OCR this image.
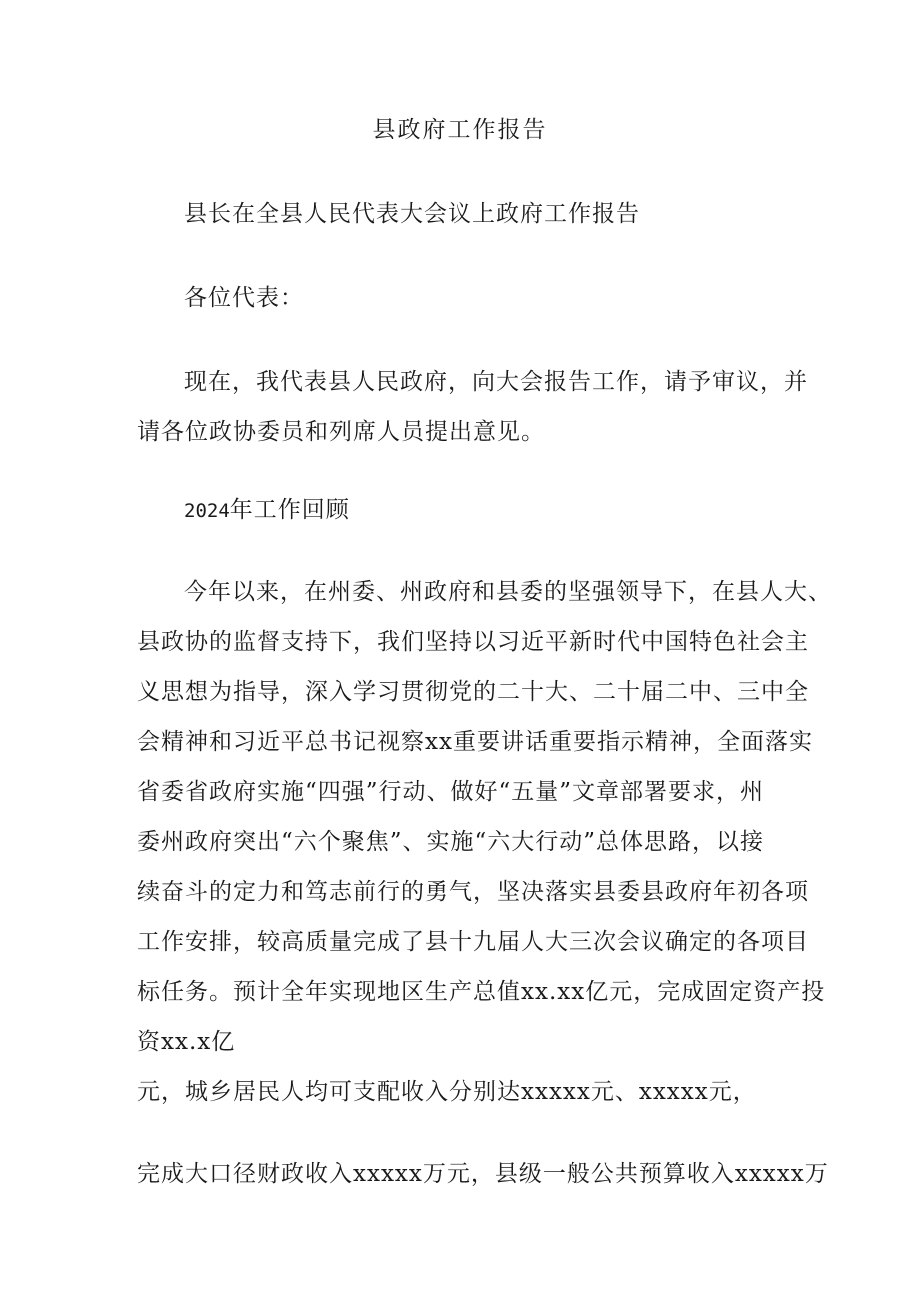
县政府工作报告
县长在全县人民代表大会议上政府工作报告
各位代表：
现在，我代表县人民政府，向大会报告工作，请予审议，并
请各位政协委员和列席人员提出意见。
2024年工作回顾
今年以来，在州委、州政府和县委的坚强领导下，在县人大、
县政协的监督支持下，我们坚持以习近平新时代中国特色社会主
义思想为指导，深入学习贯彻党的二十大、二十届二中、三中全
会精神和习近平总书记视察xx重要讲话重要指示精神，全面落实
省委省政府实施“四强”行动、做好“五量”文章部署要求，州
委州政府突出“六个聚焦”、实施“六大行动”总体思路，以接
续奋斗的定力和笃志前行的勇气，坚决落实县委县政府年初各项
工作安排，较高质量完成了县十九届人大三次会议确定的各项目
标任务。预计全年实现地区生产总值xx.xx亿元，完成固定资产投
资xx.x亿
元，城乡居民人均可支配收入分别达xxxxx元、xxxxx元，
完成大口径财政收入xxxxx万元，县级一般公共预算收入xxxxx万
